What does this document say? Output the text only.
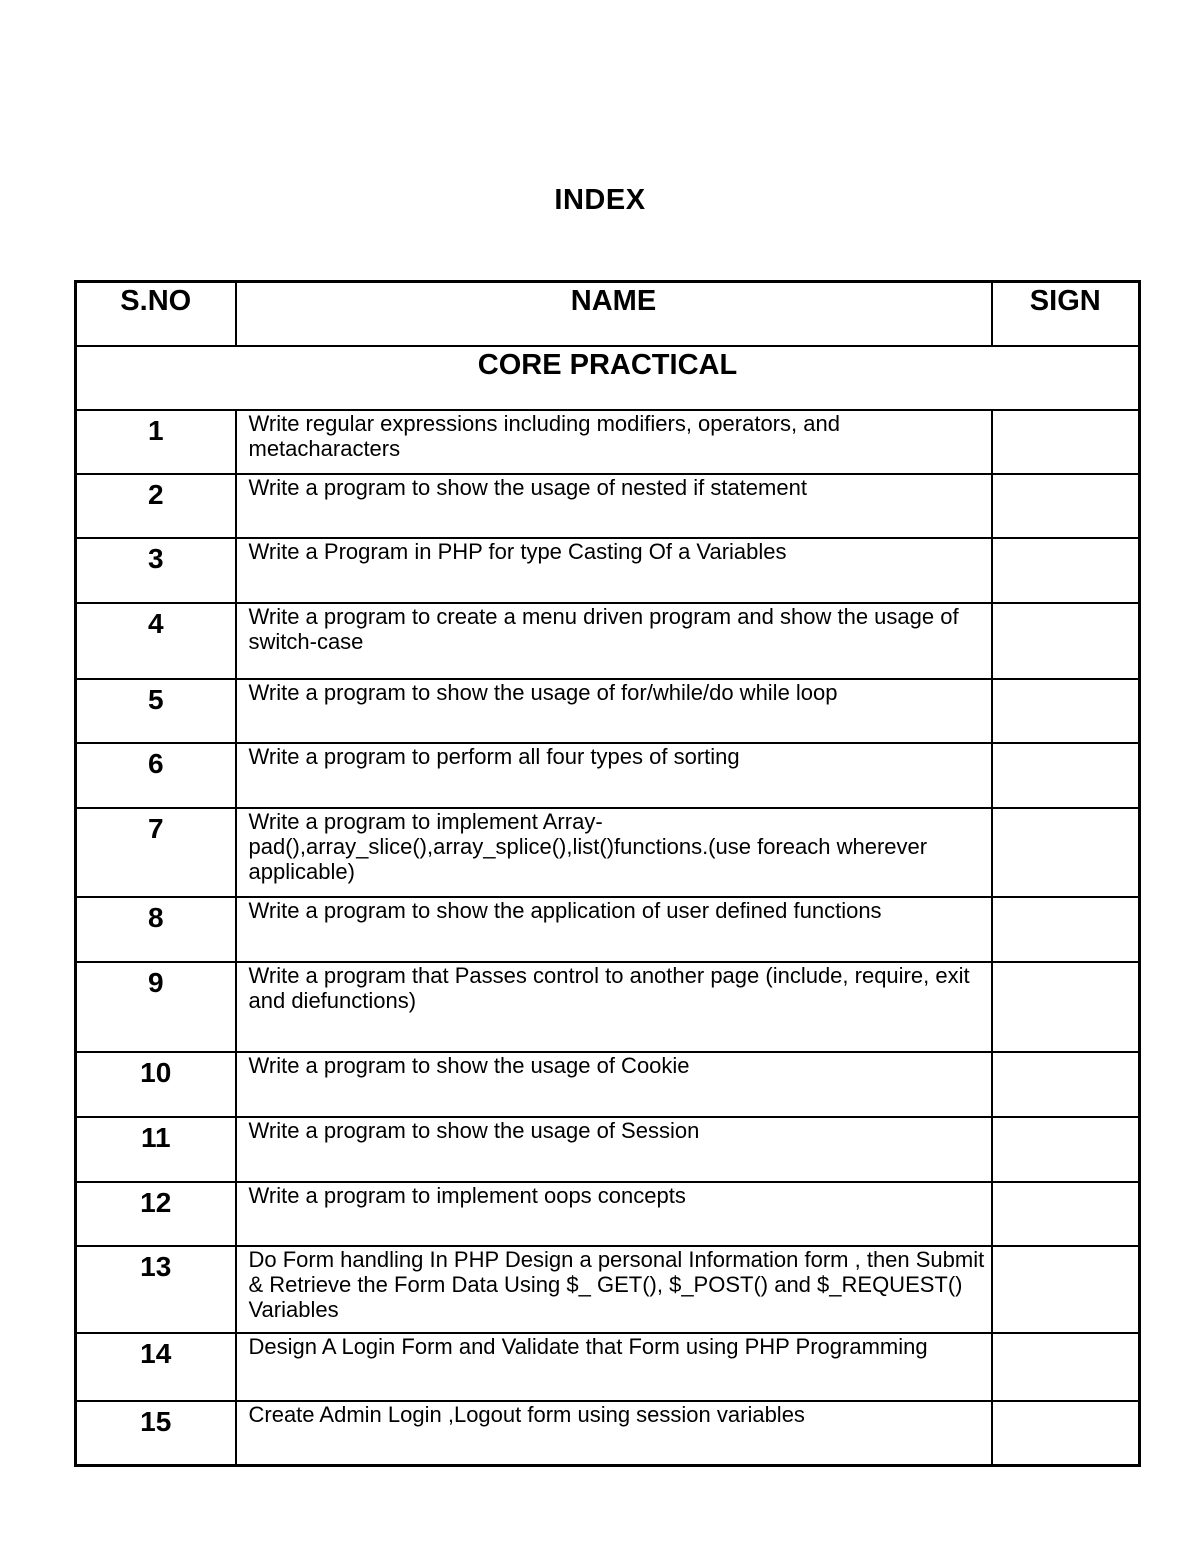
INDEX
S.NO	NAME	SIGN
CORE PRACTICAL		
1	Write regular expressions including modifiers, operators, and metacharacters	
2	Write a program to show the usage of nested if statement	
3	Write a Program in PHP for type Casting Of a Variables	
4	Write a program to create a menu driven program and show the usage of switch-case	
5	Write a program to show the usage of for/while/do while loop	
6	Write a program to perform all four types of sorting	
7	Write a program to implement Array-pad(),array_slice(),array_splice(),list()functions.(use foreach wherever applicable)	
8	Write a program to show the application of user defined functions	
9	Write a program that Passes control to another page (include, require, exit and diefunctions)	
10	Write a program to show the usage of Cookie	
11	Write a program to show the usage of Session	
12	Write a program to implement oops concepts	
13	Do Form handling In PHP Design a personal Information form , then Submit & Retrieve the Form Data Using $_ GET(), $_POST() and $_REQUEST() Variables	
14	Design A Login Form and Validate that Form using PHP Programming	
15	Create Admin Login ,Logout form using session variables	
